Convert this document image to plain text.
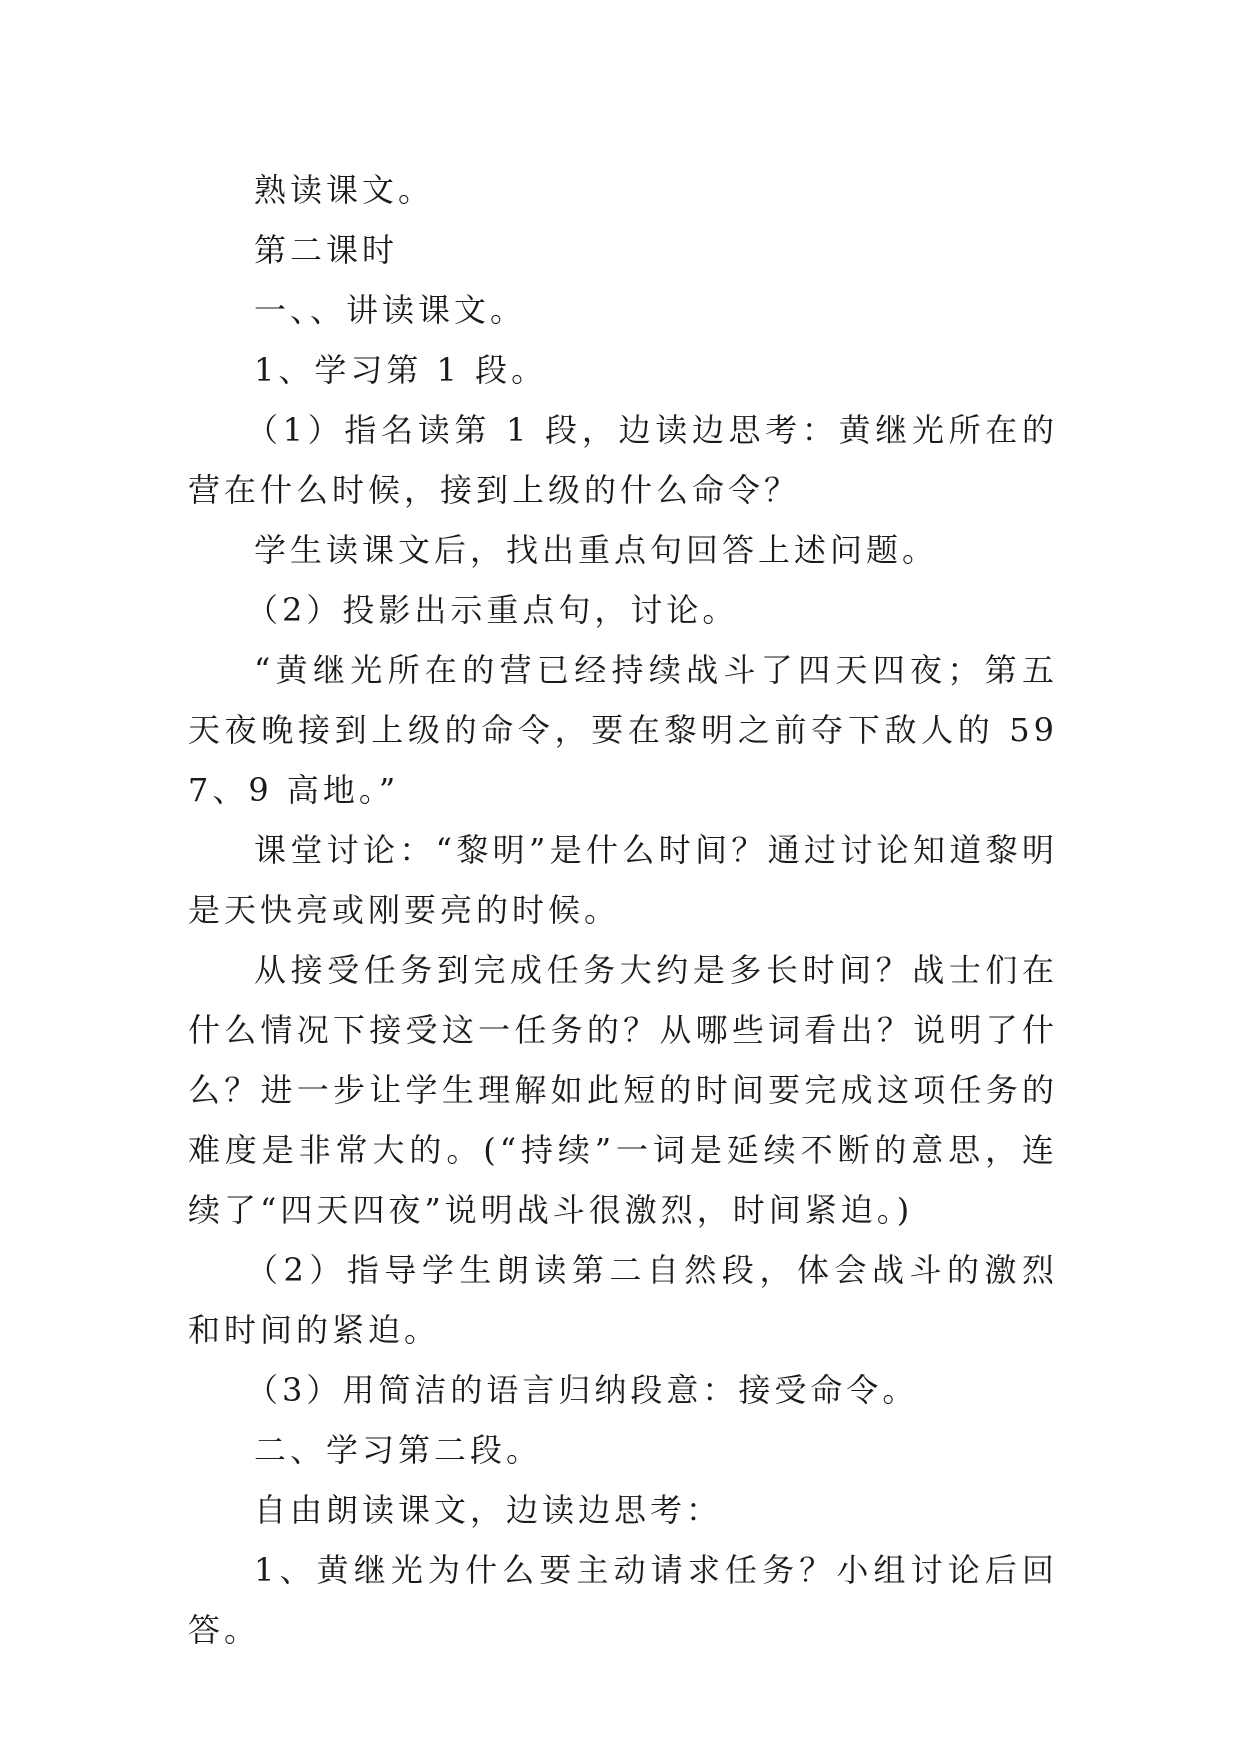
熟读课文。

第二课时

一、、讲读课文。

1、学习第 1 段。

（1）指名读第 1 段，边读边思考：黄继光所在的营在什么时候，接到上级的什么命令？

学生读课文后，找出重点句回答上述问题。

（2）投影出示重点句，讨论。

“黄继光所在的营已经持续战斗了四天四夜；第五天夜晚接到上级的命令，要在黎明之前夺下敌人的 597、9 高地。”

课堂讨论：“黎明”是什么时间？通过讨论知道黎明是天快亮或刚要亮的时候。

从接受任务到完成任务大约是多长时间？战士们在什么情况下接受这一任务的？从哪些词看出？说明了什么？进一步让学生理解如此短的时间要完成这项任务的难度是非常大的。(“持续”一词是延续不断的意思，连续了“四天四夜”说明战斗很激烈，时间紧迫。)

（2）指导学生朗读第二自然段，体会战斗的激烈和时间的紧迫。

（3）用简洁的语言归纳段意：接受命令。

二、学习第二段。

自由朗读课文，边读边思考：

1、黄继光为什么要主动请求任务？小组讨论后回答。
